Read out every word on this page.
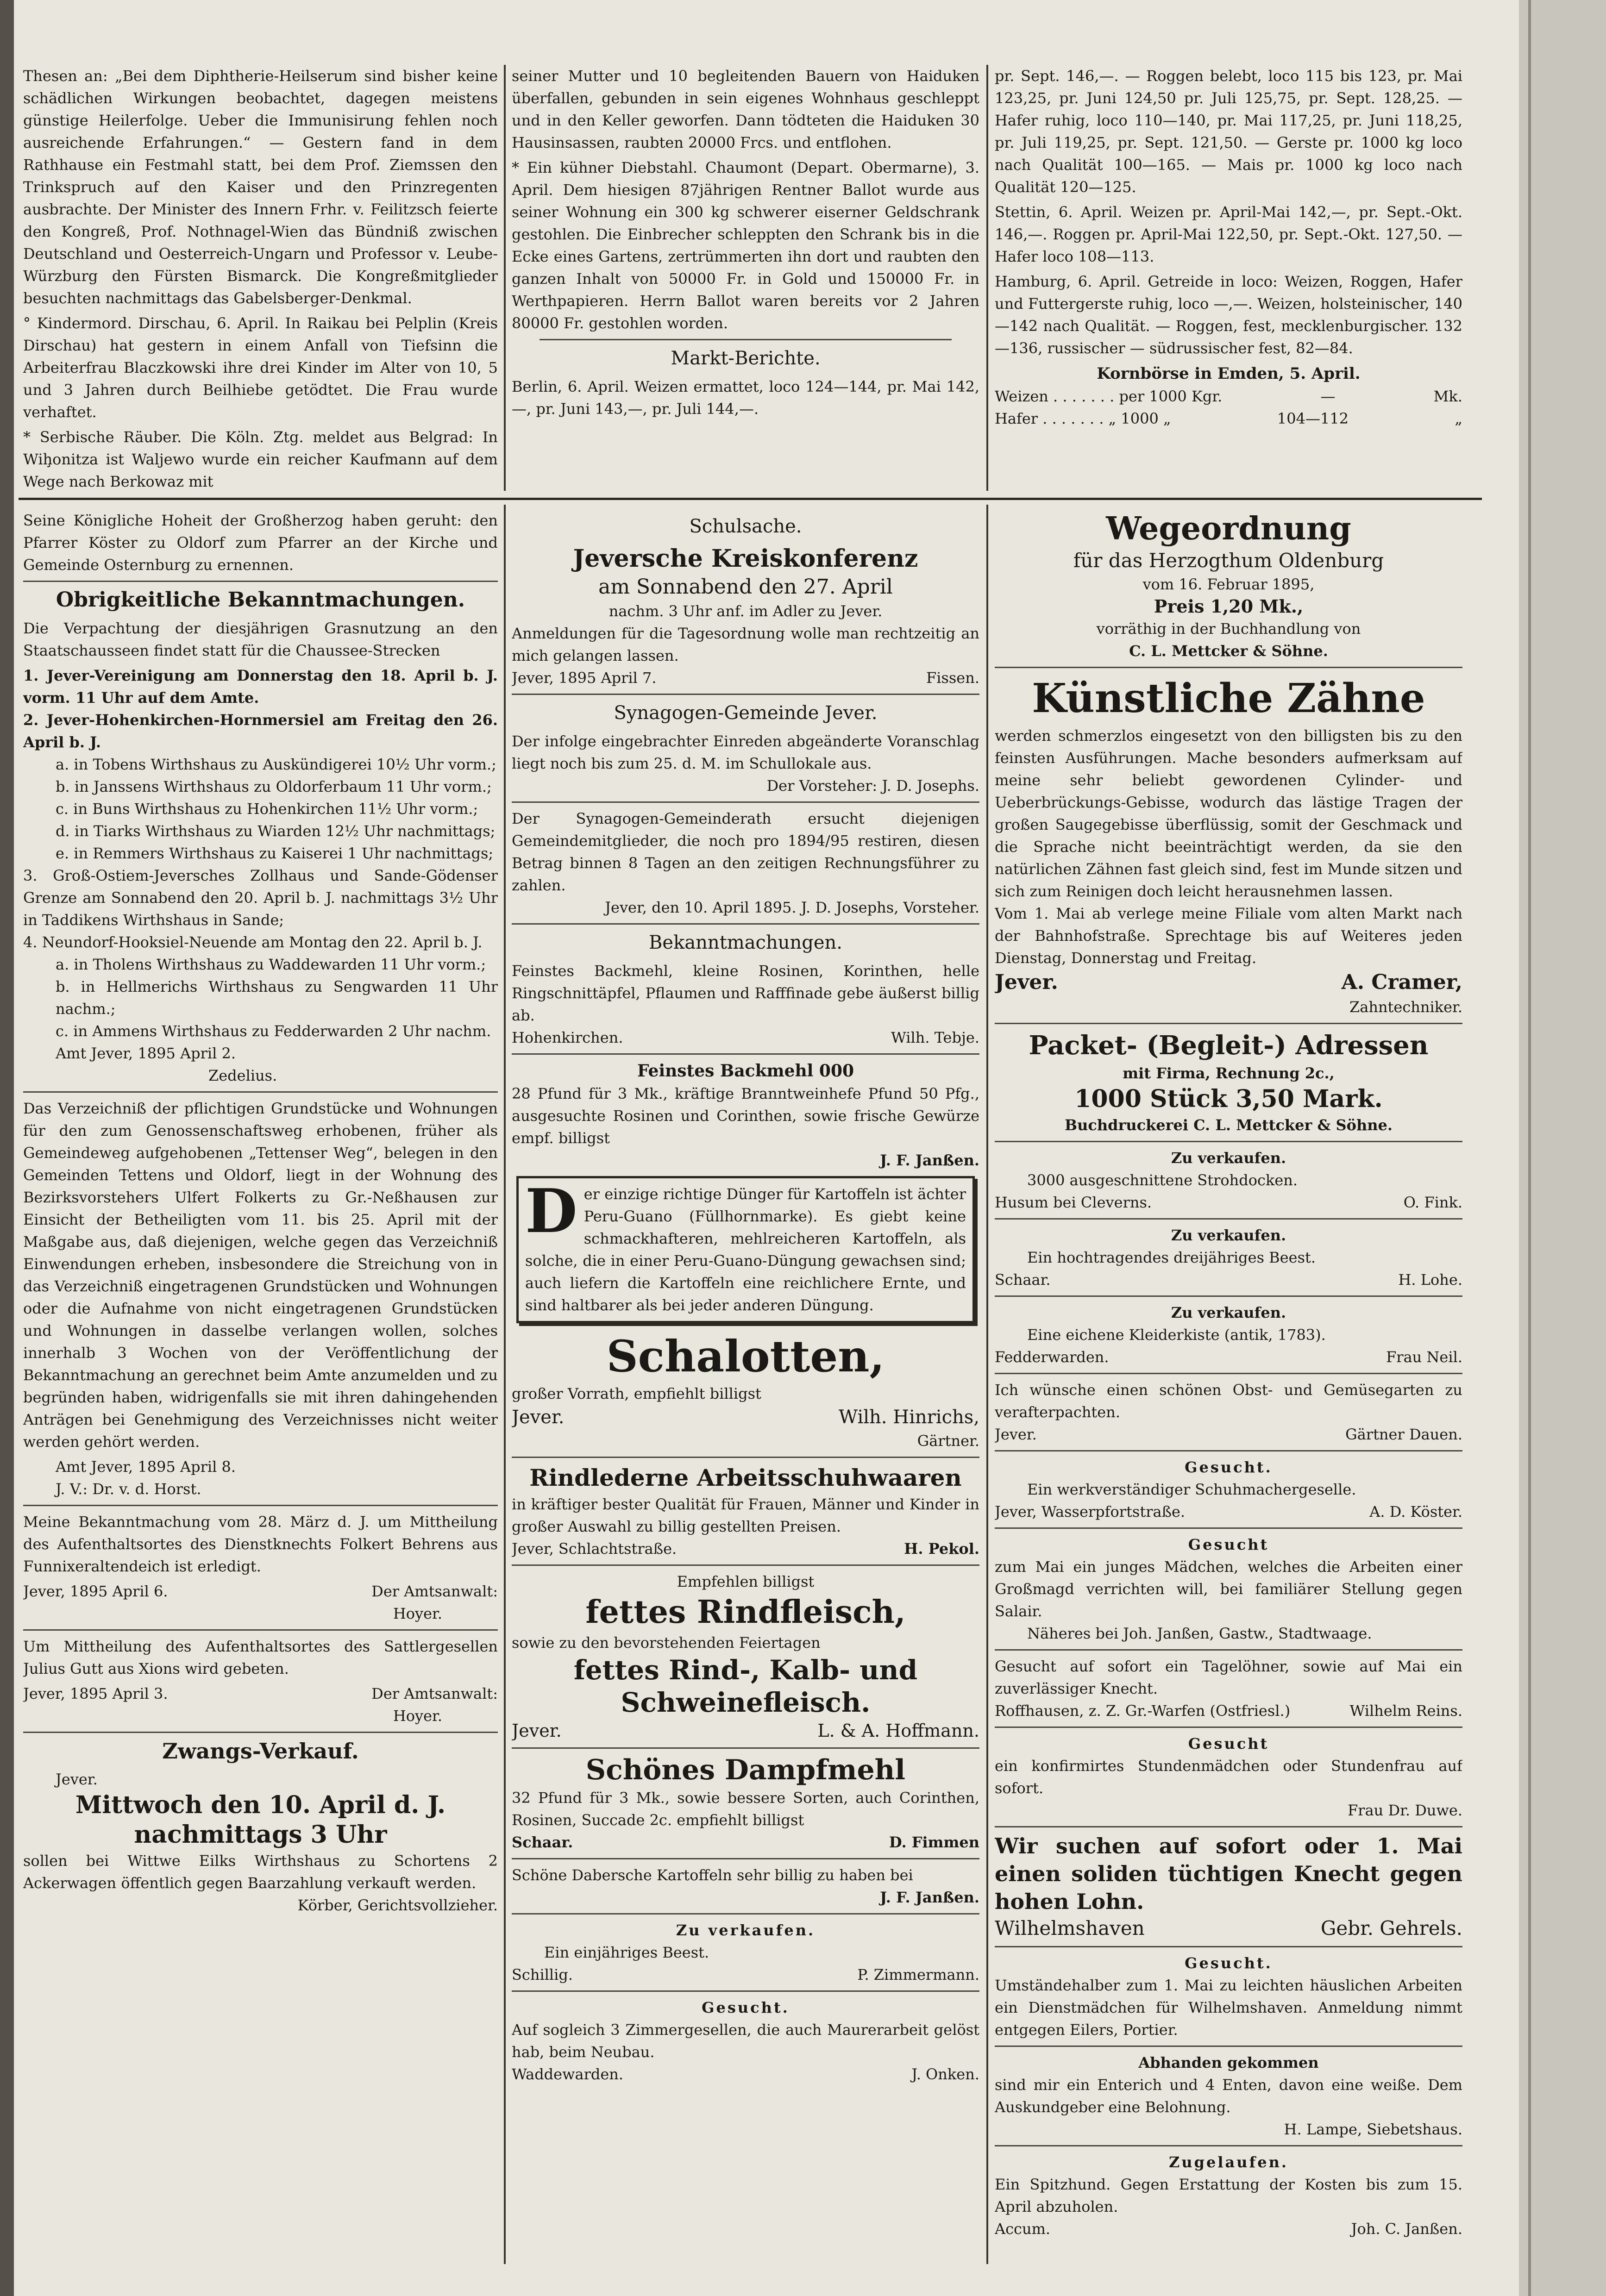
Thesen an: „Bei dem Diphtherie-Heilserum sind bisher keine schädlichen Wirkungen beobachtet, dagegen meistens günstige Heilerfolge. Ueber die Immunisirung fehlen noch ausreichende Erfahrungen.“ — Gestern fand in dem Rathhause ein Festmahl statt, bei dem Prof. Ziemssen den Trinkspruch auf den Kaiser und den Prinzregenten ausbrachte. Der Minister des Innern Frhr. v. Feilitzsch feierte den Kongreß, Prof. Nothnagel-Wien das Bündniß zwischen Deutschland und Oesterreich-Ungarn und Professor v. Leube-Würzburg den Fürsten Bismarck. Die Kongreßmitglieder besuchten nachmittags das Gabelsberger-Denkmal.

° Kindermord. Dirschau, 6. April. In Raikau bei Pelplin (Kreis Dirschau) hat gestern in einem Anfall von Tiefsinn die Arbeiterfrau Blaczkowski ihre drei Kinder im Alter von 10, 5 und 3 Jahren durch Beilhiebe getödtet. Die Frau wurde verhaftet.

* Serbische Räuber. Die Köln. Ztg. meldet aus Belgrad: In Wiḩonitza ist Waljewo wurde ein reicher Kaufmann auf dem Wege nach Berkowaz mit

seiner Mutter und 10 begleitenden Bauern von Haiduken überfallen, gebunden in sein eigenes Wohnhaus geschleppt und in den Keller geworfen. Dann tödteten die Haiduken 30 Hausinsassen, raubten 20000 Frcs. und entflohen.

* Ein kühner Diebstahl. Chaumont (Depart. Obermarne), 3. April. Dem hiesigen 87jährigen Rentner Ballot wurde aus seiner Wohnung ein 300 kg schwerer eiserner Geldschrank gestohlen. Die Einbrecher schleppten den Schrank bis in die Ecke eines Gartens, zertrümmerten ihn dort und raubten den ganzen Inhalt von 50000 Fr. in Gold und 150000 Fr. in Werthpapieren. Herrn Ballot waren bereits vor 2 Jahren 80000 Fr. gestohlen worden.

Markt-Berichte.

Berlin, 6. April. Weizen ermattet, loco 124—144, pr. Mai 142,—, pr. Juni 143,—, pr. Juli 144,—.

pr. Sept. 146,—. — Roggen belebt, loco 115 bis 123, pr. Mai 123,25, pr. Juni 124,50 pr. Juli 125,75, pr. Sept. 128,25. — Hafer ruhig, loco 110—140, pr. Mai 117,25, pr. Juni 118,25, pr. Juli 119,25, pr. Sept. 121,50. — Gerste pr. 1000 kg loco nach Qualität 100—165. — Mais pr. 1000 kg loco nach Qualität 120—125.

Stettin, 6. April. Weizen pr. April-Mai 142,—, pr. Sept.-Okt. 146,—. Roggen pr. April-Mai 122,50, pr. Sept.-Okt. 127,50. — Hafer loco 108—113.

Hamburg, 6. April. Getreide in loco: Weizen, Roggen, Hafer und Futtergerste ruhig, loco —,—. Weizen, holsteinischer, 140—142 nach Qualität. — Roggen, fest, mecklenburgischer. 132—136, russischer — südrussischer fest, 82—84.

Kornbörse in Emden, 5. April.
Weizen . . . . . . . per 1000 Kgr.	—	Mk.
Hafer . . . . . . . „ 1000 „	104—112	„

Seine Königliche Hoheit der Großherzog haben geruht: den Pfarrer Köster zu Oldorf zum Pfarrer an der Kirche und Gemeinde Osternburg zu ernennen.

Obrigkeitliche Bekanntmachungen.

Die Verpachtung der diesjährigen Grasnutzung an den Staatschausseen findet statt für die Chaussee-Strecken

1. Jever-Vereinigung am Donnerstag den 18. April b. J. vorm. 11 Uhr auf dem Amte.

2. Jever-Hohenkirchen-Hornmersiel am Freitag den 26. April b. J.

a. in Tobens Wirthshaus zu Auskündigerei 10½ Uhr vorm.;

b. in Janssens Wirthshaus zu Oldorferbaum 11 Uhr vorm.;

c. in Buns Wirthshaus zu Hohenkirchen 11½ Uhr vorm.;

d. in Tiarks Wirthshaus zu Wiarden 12½ Uhr nachmittags;

e. in Remmers Wirthshaus zu Kaiserei 1 Uhr nachmittags;

3. Groß-Ostiem-Jeversches Zollhaus und Sande-Gödenser Grenze am Sonnabend den 20. April b. J. nachmittags 3½ Uhr in Taddikens Wirthshaus in Sande;

4. Neundorf-Hooksiel-Neuende am Montag den 22. April b. J.

a. in Tholens Wirthshaus zu Waddewarden 11 Uhr vorm.;

b. in Hellmerichs Wirthshaus zu Sengwarden 11 Uhr nachm.;

c. in Ammens Wirthshaus zu Fedderwarden 2 Uhr nachm.

Amt Jever, 1895 April 2.

Zedelius.

Das Verzeichniß der pflichtigen Grundstücke und Wohnungen für den zum Genossenschaftsweg erhobenen, früher als Gemeindeweg aufgehobenen „Tettenser Weg“, belegen in den Gemeinden Tettens und Oldorf, liegt in der Wohnung des Bezirksvorstehers Ulfert Folkerts zu Gr.-Neßhausen zur Einsicht der Betheiligten vom 11. bis 25. April mit der Maßgabe aus, daß diejenigen, welche gegen das Verzeichniß Einwendungen erheben, insbesondere die Streichung von in das Verzeichniß eingetragenen Grundstücken und Wohnungen oder die Aufnahme von nicht eingetragenen Grundstücken und Wohnungen in dasselbe verlangen wollen, solches innerhalb 3 Wochen von der Veröffentlichung der Bekanntmachung an gerechnet beim Amte anzumelden und zu begründen haben, widrigenfalls sie mit ihren dahingehenden Anträgen bei Genehmigung des Verzeichnisses nicht weiter werden gehört werden.

Amt Jever, 1895 April 8.

J. V.: Dr. v. d. Horst.

Meine Bekanntmachung vom 28. März d. J. um Mittheilung des Aufenthaltsortes des Dienstknechts Folkert Behrens aus Funnixeraltendeich ist erledigt.

Jever, 1895 April 6.	Der Amtsanwalt:

Hoyer.

Um Mittheilung des Aufenthaltsortes des Sattlergesellen Julius Gutt aus Xions wird gebeten.

Jever, 1895 April 3.	Der Amtsanwalt:

Hoyer.

Zwangs-Verkauf.

Jever.

Mittwoch den 10. April d. J. nachmittags 3 Uhr

sollen bei Wittwe Eilks Wirthshaus zu Schortens 2 Ackerwagen öffentlich gegen Baarzahlung verkauft werden.

Körber, Gerichtsvollzieher.

Schulsache.
Jeversche Kreiskonferenz
am Sonnabend den 27. April

nachm. 3 Uhr anf. im Adler zu Jever.

Anmeldungen für die Tagesordnung wolle man rechtzeitig an mich gelangen lassen.

Jever, 1895 April 7.	Fissen.
Synagogen-Gemeinde Jever.

Der infolge eingebrachter Einreden abgeänderte Voranschlag liegt noch bis zum 25. d. M. im Schullokale aus.

Der Vorsteher: J. D. Josephs.

Der Synagogen-Gemeinderath ersucht diejenigen Gemeindemitglieder, die noch pro 1894/95 restiren, diesen Betrag binnen 8 Tagen an den zeitigen Rechnungsführer zu zahlen.

Jever, den 10. April 1895. J. D. Josephs, Vorsteher.

Bekanntmachungen.

Feinstes Backmehl, kleine Rosinen, Korinthen, helle Ringschnittäpfel, Pflaumen und Rafffinade gebe äußerst billig ab.

Hohenkirchen.	Wilh. Tebje.
Feinstes Backmehl 000

28 Pfund für 3 Mk., kräftige Branntweinhefe Pfund 50 Pfg., ausgesuchte Rosinen und Corinthen, sowie frische Gewürze empf. billigst

J. F. Janßen.

D er einzige richtige Dünger für Kartoffeln ist ächter Peru-Guano (Füllhornmarke). Es giebt keine schmackhafteren, mehlreicheren Kartoffeln, als solche, die in einer Peru-Guano-Düngung gewachsen sind; auch liefern die Kartoffeln eine reichlichere Ernte, und sind haltbarer als bei jeder anderen Düngung.

Schalotten,

großer Vorrath, empfiehlt billigst

Jever.	Wilh. Hinrichs,

Gärtner.

Rindlederne Arbeitsschuhwaaren

in kräftiger bester Qualität für Frauen, Männer und Kinder in großer Auswahl zu billig gestellten Preisen.

Jever, Schlachtstraße.	H. Pekol.

Empfehlen billigst

fettes Rindfleisch,

sowie zu den bevorstehenden Feiertagen

fettes Rind-, Kalb- und Schweinefleisch.
Jever.	L. & A. Hoffmann.
Schönes Dampfmehl

32 Pfund für 3 Mk., sowie bessere Sorten, auch Corinthen, Rosinen, Succade 2c. empfiehlt billigst

Schaar.	D. Fimmen

Schöne Dabersche Kartoffeln sehr billig zu haben bei

J. F. Janßen.

Zu verkaufen.

Ein einjähriges Beest.

Schillig.	P. Zimmermann.

Gesucht.

Auf sogleich 3 Zimmergesellen, die auch Maurerarbeit gelöst hab, beim Neubau.

Waddewarden.	J. Onken.
Wegeordnung
für das Herzogthum Oldenburg

vom 16. Februar 1895,

Preis 1,20 Mk.,

vorräthig in der Buchhandlung von

C. L. Mettcker & Söhne.

Künstliche Zähne

werden schmerzlos eingesetzt von den billigsten bis zu den feinsten Ausführungen. Mache besonders aufmerksam auf meine sehr beliebt gewordenen Cylinder- und Ueberbrückungs-Gebisse, wodurch das lästige Tragen der großen Saugegebisse überflüssig, somit der Geschmack und die Sprache nicht beeinträchtigt werden, da sie den natürlichen Zähnen fast gleich sind, fest im Munde sitzen und sich zum Reinigen doch leicht herausnehmen lassen.

Vom 1. Mai ab verlege meine Filiale vom alten Markt nach der Bahnhofstraße. Sprechtage bis auf Weiteres jeden Dienstag, Donnerstag und Freitag.

Jever.	A. Cramer,

Zahntechniker.

Packet- (Begleit-) Adressen

mit Firma, Rechnung 2c.,

1000 Stück 3,50 Mark.

Buchdruckerei C. L. Mettcker & Söhne.

Zu verkaufen.

3000 ausgeschnittene Strohdocken.

Husum bei Cleverns.	O. Fink.

Zu verkaufen.

Ein hochtragendes dreijähriges Beest.

Schaar.	H. Lohe.

Zu verkaufen.

Eine eichene Kleiderkiste (antik, 1783).

Fedderwarden.	Frau Neil.

Ich wünsche einen schönen Obst- und Gemüsegarten zu verafterpachten.

Jever.	Gärtner Dauen.

Gesucht.

Ein werkverständiger Schuhmachergeselle.

Jever, Wasserpfortstraße.	A. D. Köster.

Gesucht

zum Mai ein junges Mädchen, welches die Arbeiten einer Großmagd verrichten will, bei familiärer Stellung gegen Salair.

Näheres bei Joh. Janßen, Gastw., Stadtwaage.

Gesucht auf sofort ein Tagelöhner, sowie auf Mai ein zuverlässiger Knecht.

Roffhausen, z. Z. Gr.-Warfen (Ostfriesl.)	Wilhelm Reins.

Gesucht

ein konfirmirtes Stundenmädchen oder Stundenfrau auf sofort.

Frau Dr. Duwe.

Wir suchen auf sofort oder 1. Mai einen soliden tüchtigen Knecht gegen hohen Lohn.

Wilhelmshaven	Gebr. Gehrels.

Gesucht.

Umständehalber zum 1. Mai zu leichten häuslichen Arbeiten ein Dienstmädchen für Wilhelmshaven. Anmeldung nimmt entgegen Eilers, Portier.

Abhanden gekommen

sind mir ein Enterich und 4 Enten, davon eine weiße. Dem Auskundgeber eine Belohnung.

H. Lampe, Siebetshaus.

Zugelaufen.

Ein Spitzhund. Gegen Erstattung der Kosten bis zum 15. April abzuholen.

Accum.	Joh. C. Janßen.
